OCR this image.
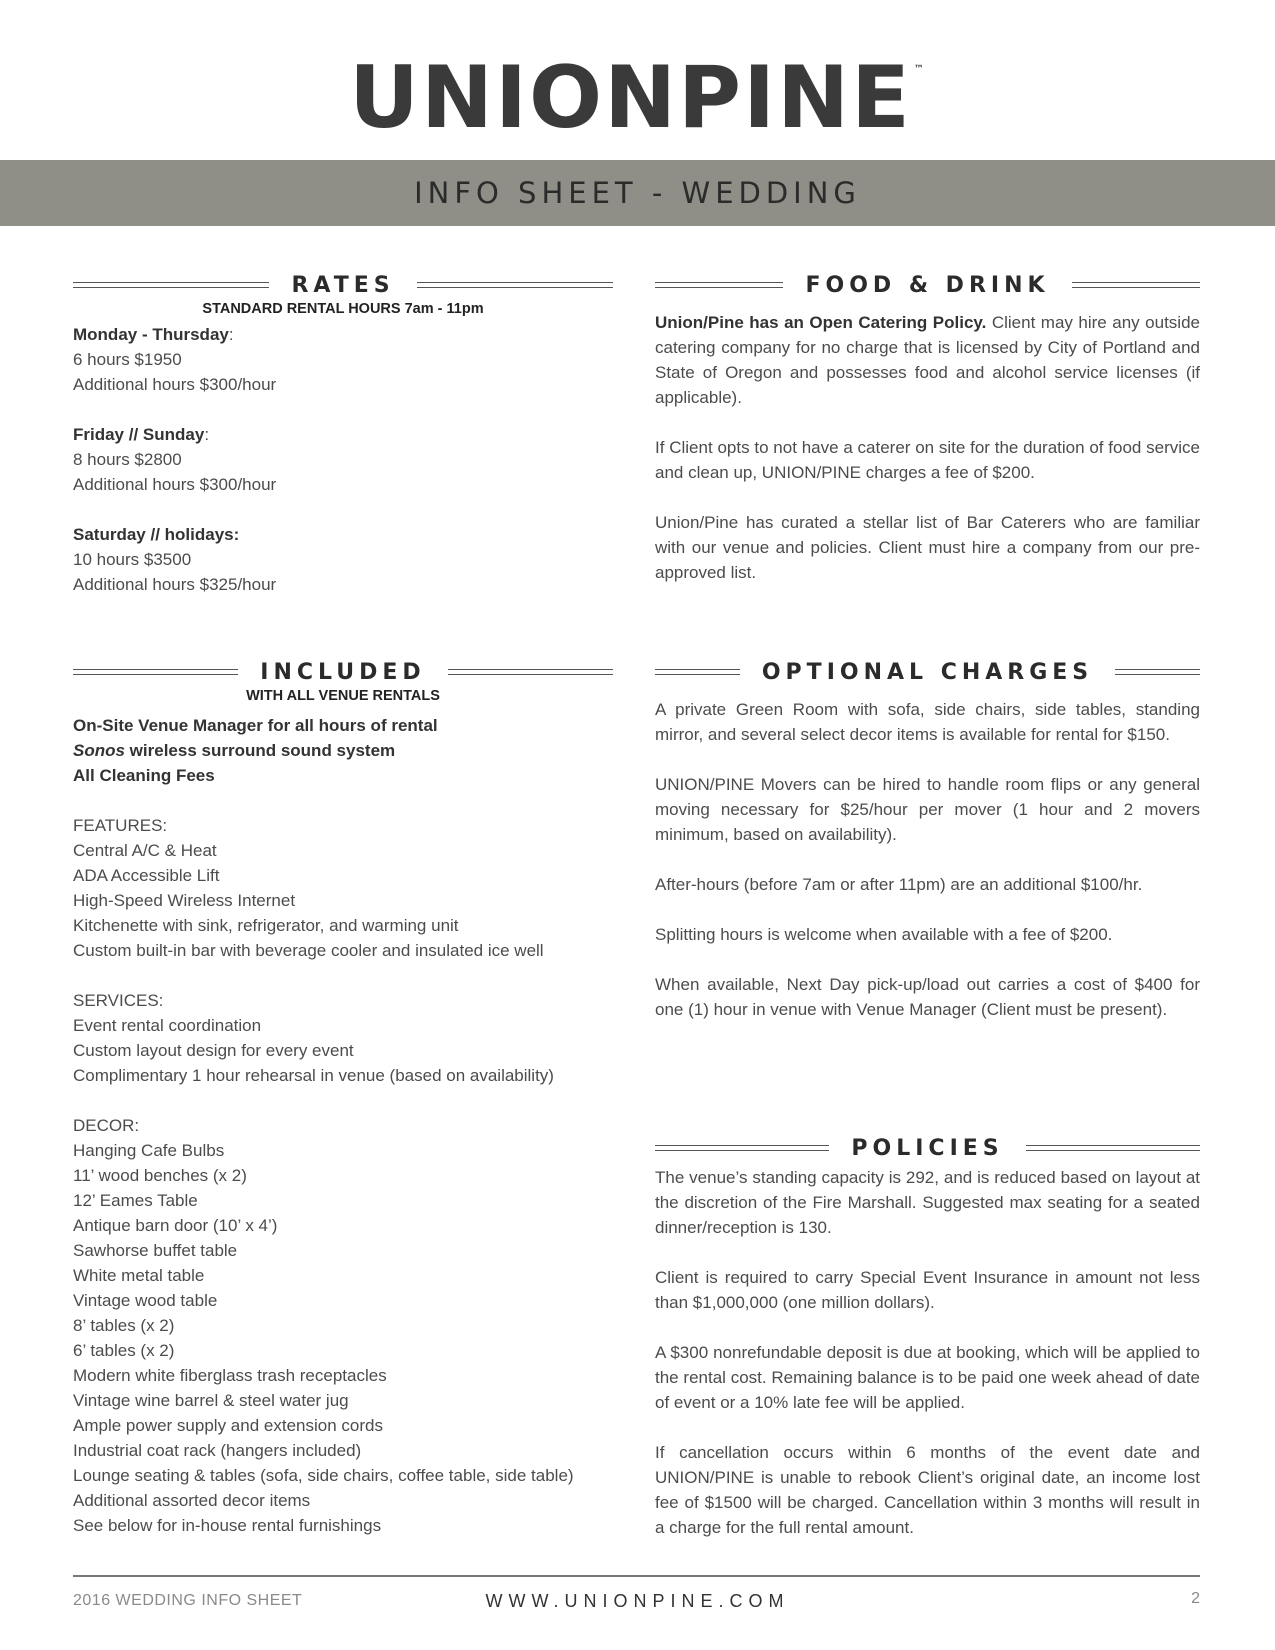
UNIONPINE ™
INFO SHEET - WEDDING
RATES
STANDARD RENTAL HOURS 7am - 11pm

Monday - Thursday:

6 hours $1950

Additional hours $300/hour

Friday // Sunday:

8 hours $2800

Additional hours $300/hour

Saturday // holidays:

10 hours $3500

Additional hours $325/hour

FOOD & DRINK

Union/Pine has an Open Catering Policy. Client may hire any outside catering company for no charge that is licensed by City of Portland and State of Oregon and possesses food and alcohol service licenses (if applicable).

If Client opts to not have a caterer on site for the duration of food service and clean up, UNION/PINE charges a fee of $200.

Union/Pine has curated a stellar list of Bar Caterers who are familiar with our venue and policies. Client must hire a company from our pre-approved list.

INCLUDED
WITH ALL VENUE RENTALS

On-Site Venue Manager for all hours of rental

Sonos wireless surround sound system

All Cleaning Fees

FEATURES:

Central A/C & Heat

ADA Accessible Lift

High-Speed Wireless Internet

Kitchenette with sink, refrigerator, and warming unit

Custom built-in bar with beverage cooler and insulated ice well

SERVICES:

Event rental coordination

Custom layout design for every event

Complimentary 1 hour rehearsal in venue (based on availability)

DECOR:

Hanging Cafe Bulbs

11’ wood benches (x 2)

12’ Eames Table

Antique barn door (10’ x 4’)

Sawhorse buffet table

White metal table

Vintage wood table

8’ tables (x 2)

6’ tables (x 2)

Modern white fiberglass trash receptacles

Vintage wine barrel & steel water jug

Ample power supply and extension cords

Industrial coat rack (hangers included)

Lounge seating & tables (sofa, side chairs, coffee table, side table)

Additional assorted decor items

See below for in-house rental furnishings

OPTIONAL CHARGES

A private Green Room with sofa, side chairs, side tables, standing mirror, and several select decor items is available for rental for $150.

UNION/PINE Movers can be hired to handle room flips or any general moving necessary for $25/hour per mover (1 hour and 2 movers minimum, based on availability).

After-hours (before 7am or after 11pm) are an additional $100/hr.

Splitting hours is welcome when available with a fee of $200.

When available, Next Day pick-up/load out carries a cost of $400 for one (1) hour in venue with Venue Manager (Client must be present).

POLICIES

The venue’s standing capacity is 292, and is reduced based on layout at the discretion of the Fire Marshall. Suggested max seating for a seated dinner/reception is 130.

Client is required to carry Special Event Insurance in amount not less than $1,000,000 (one million dollars).

A $300 nonrefundable deposit is due at booking, which will be applied to the rental cost. Remaining balance is to be paid one week ahead of date of event or a 10% late fee will be applied.

If cancellation occurs within 6 months of the event date and UNION/PINE is unable to rebook Client’s original date, an income lost fee of $1500 will be charged. Cancellation within 3 months will result in a charge for the full rental amount.

2016 WEDDING INFO SHEET	WWW.UNIONPINE.COM	2
